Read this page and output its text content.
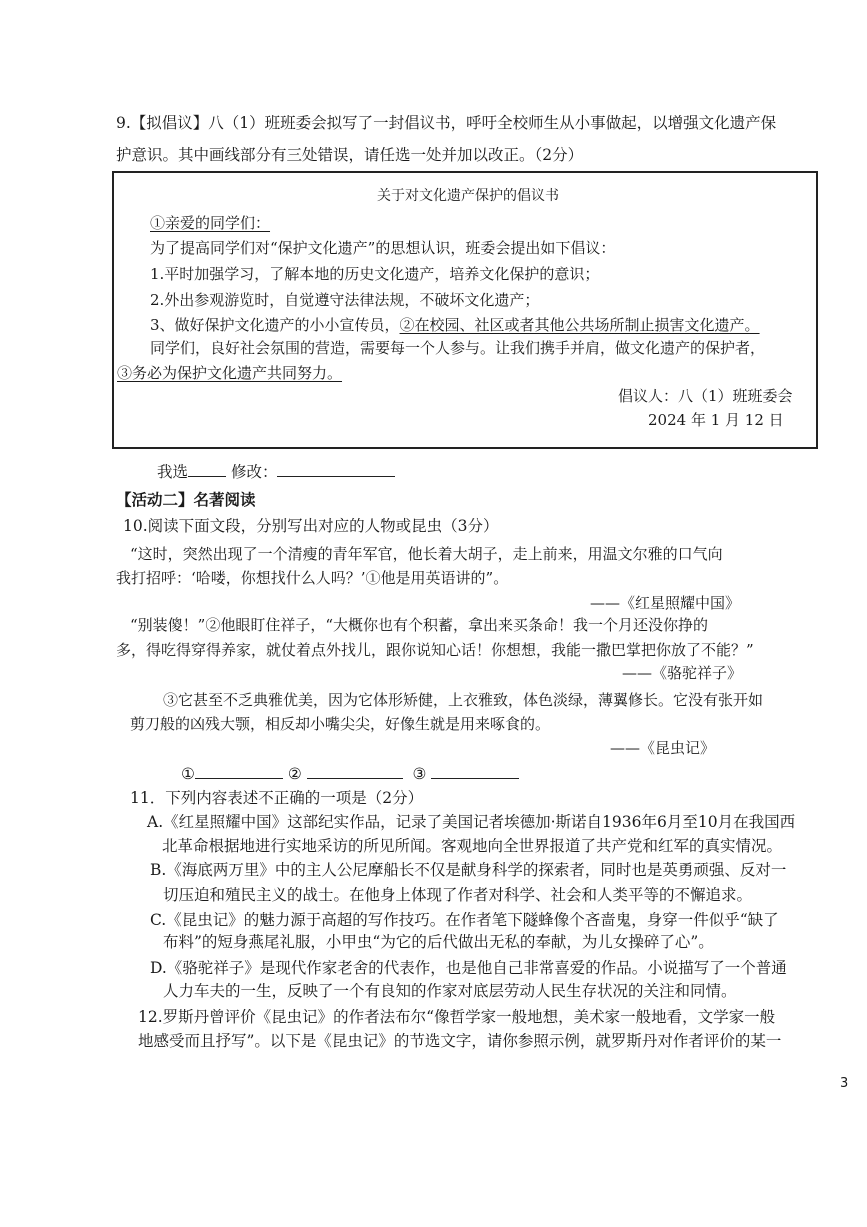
9.【拟倡议】八（1）班班委会拟写了一封倡议书，呼吁全校师生从小事做起，以增强文化遗产保
护意识。其中画线部分有三处错误，请任选一处并加以改正。（2分）
关于对文化遗产保护的倡议书
①亲爱的同学们：
为了提高同学们对“保护文化遗产”的思想认识，班委会提出如下倡议：
1.平时加强学习，了解本地的历史文化遗产，培养文化保护的意识；
2.外出参观游览时，自觉遵守法律法规，不破坏文化遗产；
3、做好保护文化遗产的小小宣传员，②在校园、社区或者其他公共场所制止损害文化遗产。
同学们，良好社会氛围的营造，需要每一个人参与。让我们携手并肩，做文化遗产的保护者，
③务必为保护文化遗产共同努力。
倡议人：八（1）班班委会
2024 年 1 月 12 日
我选	修改：
【活动二】名著阅读
10.阅读下面文段，分别写出对应的人物或昆虫（3分）
“这时，突然出现了一个清瘦的青年军官，他长着大胡子，走上前来，用温文尔雅的口气向
我打招呼：‘哈喽，你想找什么人吗？’①他是用英语讲的”。
——《红星照耀中国》
“别装傻！”②他眼盯住祥子，“大概你也有个积蓄，拿出来买条命！我一个月还没你挣的
多，得吃得穿得养家，就仗着点外找儿，跟你说知心话！你想想，我能一撒巴掌把你放了不能？”
——《骆驼祥子》
③它甚至不乏典雅优美，因为它体形矫健，上衣雅致，体色淡绿，薄翼修长。它没有张开如
剪刀般的凶残大颚，相反却小嘴尖尖，好像生就是用来啄食的。
——《昆虫记》
①	②	③
11．下列内容表述不正确的一项是（2分）
A.《红星照耀中国》这部纪实作品，记录了美国记者埃德加·斯诺自1936年6月至10月在我国西
北革命根据地进行实地采访的所见所闻。客观地向全世界报道了共产党和红军的真实情况。
B.《海底两万里》中的主人公尼摩船长不仅是献身科学的探索者，同时也是英勇顽强、反对一
切压迫和殖民主义的战士。在他身上体现了作者对科学、社会和人类平等的不懈追求。
C.《昆虫记》的魅力源于高超的写作技巧。在作者笔下隧蜂像个吝啬鬼，身穿一件似乎“缺了
布料”的短身燕尾礼服，小甲虫“为它的后代做出无私的奉献，为儿女操碎了心”。
D.《骆驼祥子》是现代作家老舍的代表作，也是他自己非常喜爱的作品。小说描写了一个普通
人力车夫的一生，反映了一个有良知的作家对底层劳动人民生存状况的关注和同情。
12.罗斯丹曾评价《昆虫记》的作者法布尔“像哲学家一般地想，美术家一般地看，文学家一般
地感受而且抒写”。以下是《昆虫记》的节选文字，请你参照示例，就罗斯丹对作者评价的某一
3
